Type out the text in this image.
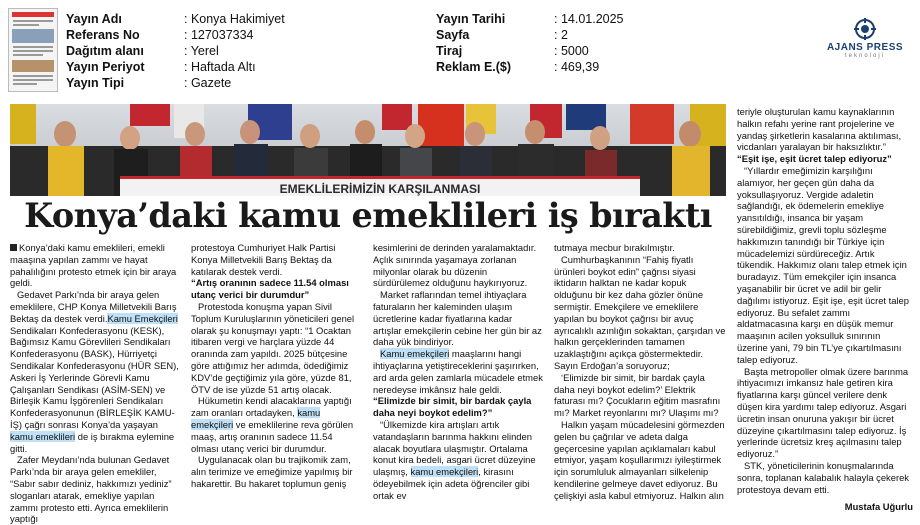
Yayın Adı	: Konya Hakimiyet
Referans No	: 127037334
Dağıtım alanı	: Yerel
Yayın Periyot	: Haftada Altı
Yayın Tipi	: Gazete
Yayın Tarihi	: 14.01.2025
Sayfa	: 2
Tiraj	: 5000
Reklam E.($)	: 469,39
AJANS PRESS
teknoloji
EMEKLİLERİMİZİN KARŞILANMASI
Konya’daki kamu emeklileri iş bıraktı

Konya’daki kamu emeklileri, emekli maaşına yapılan zammı ve hayat pahalılığını protesto etmek için bir araya geldi.

Gedavet Parkı’nda bir araya gelen emeklilere, CHP Konya Milletvekili Barış Bektaş da destek verdi.Kamu Emekçileri Sendikaları Konfederasyonu (KESK), Bağımsız Kamu Görevlileri Sendikaları Konfederasyonu (BASK), Hürriyetçi Sendikalar Konfederasyonu (HÜR SEN), Askeri İş Yerlerinde Görevli Kamu Çalışanları Sendikası (ASİM-SEN) ve Birleşik Kamu İşgörenleri Sendikaları Konfederasyonunun (BİRLEŞİK KAMU-İŞ) çağrı sonrası Konya’da yaşayan kamu emeklileri de iş bırakma eylemine gitti.

Zafer Meydanı’nda bulunan Gedavet Parkı’nda bir araya gelen emekliler, “Sabır sabır dediniz, hakkımızı yediniz” sloganları atarak, emekliye yapılan zammı protesto etti. Ayrıca emeklilerin yaptığı

protestoya Cumhuriyet Halk Partisi Konya Milletvekili Barış Bektaş da katılarak destek verdi.

“Artış oranının sadece 11.54 olması utanç verici bir durumdur”

Protestoda konuşma yapan Sivil Toplum Kuruluşlarının yöneticileri genel olarak şu konuşmayı yaptı: “1 Ocaktan itibaren vergi ve harçlara yüzde 44 oranında zam yapıldı. 2025 bütçesine göre attığımız her adımda, ödediğimiz KDV’de geçtiğimiz yıla göre, yüzde 81, ÖTV de ise yüzde 51 artış olacak.

Hükumetin kendi alacaklarına yaptığı zam oranları ortadayken, kamu emekçileri ve emeklilerine reva görülen maaş, artış oranının sadece 11.54 olması utanç verici bir durumdur.

Uygulanacak olan bu trajikomik zam, alın terimize ve emeğimize yapılmış bir hakarettir. Bu hakaret toplumun geniş

kesimlerini de derinden yaralamaktadır. Açlık sınırında yaşamaya zorlanan milyonlar olarak bu düzenin sürdürülemez olduğunu haykırıyoruz.

Market raflarından temel ihtiyaçlara faturaların her kaleminden ulaşım ücretlerine kadar fiyatlarına kadar artışlar emekçilerin cebine her gün bir az daha yük bindiriyor.

Kamu emekçileri maaşlarını hangi ihtiyaçlarına yetiştireceklerini şaşırırken, ard arda gelen zamlarla mücadele etmek neredeyse imkânsız hale geldi.

“Elimizde bir simit, bir bardak çayla daha neyi boykot edelim?”

“Ülkemizde kira artışları artık vatandaşların barınma hakkını elinden alacak boyutlara ulaşmıştır. Ortalama konut kira bedeli, asgari ücret düzeyine ulaşmış, kamu emekçileri, kirasını ödeyebilmek için adeta öğrenciler gibi ortak ev

tutmaya mecbur bırakılmıştır.

Cumhurbaşkanının “Fahiş fiyatlı ürünleri boykot edin” çağrısı siyasi iktidarın halktan ne kadar kopuk olduğunu bir kez daha gözler önüne sermiştir. Emekçilere ve emeklilere yapılan bu boykot çağrısı bir avuç ayrıcalıklı azınlığın sokaktan, çarşıdan ve halkın gerçeklerinden tamamen uzaklaştığını açıkça göstermektedir. Sayın Erdoğan’a soruyoruz;

‘Elimizde bir simit, bir bardak çayla daha neyi boykot edelim?’ Elektrik faturası mı? Çocukların eğitim masrafını mı? Market reyonlarını mı? Ulaşımı mı?

Halkın yaşam mücadelesini görmezden gelen bu çağrılar ve adeta dalga geçercesine yapılan açıklamaları kabul etmiyor, yaşam koşullarımızı iyileştirmek için sorumluluk almayanları silkelenip kendilerine gelmeye davet ediyoruz. Bu çelişkiyi asla kabul etmiyoruz. Halkın alın

teriyle oluşturulan kamu kaynaklarının halkın refahı yerine rant projelerine ve yandaş şirketlerin kasalarına aktılıması, vicdanları yaralayan bir haksızlıktır.”

“Eşit işe, eşit ücret talep ediyoruz”

“Yıllardır emeğimizin karşılığını alamıyor, her geçen gün daha da yoksullaşıyoruz. Vergide adaletin sağlandığı, ek ödemelerin emekliye yansıtıldığı, insanca bir yaşam sürebildiğimiz, grevli toplu sözleşme hakkımızın tanındığı bir Türkiye için mücadelemizi sürdüreceğiz. Artık tükendik. Hakkımız olanı talep etmek için buradayız. Tüm emekçiler için insanca yaşanabilir bir ücret ve adil bir gelir dağılımı istiyoruz. Eşit işe, eşit ücret talep ediyoruz. Bu sefalet zammı aldatmacasına karşı en düşük memur maaşının acilen yoksulluk sınırının üzerine yani, 79 bin TL’ye çıkartılmasını talep ediyoruz.

Başta metropoller olmak üzere barınma ihtiyacımızı imkansız hale getiren kira fiyatlarına karşı güncel verilere denk düşen kira yardımı talep ediyoruz. Asgari ücretin insan onuruna yakışır bir ücret düzeyine çıkartılmasını talep ediyoruz. İş yerlerinde ücretsiz kreş açılmasını talep ediyoruz.”

STK, yöneticilerinin konuşmalarında sonra, toplanan kalabalık halayla çekerek protestoya devam etti.

Mustafa Uğurlu
